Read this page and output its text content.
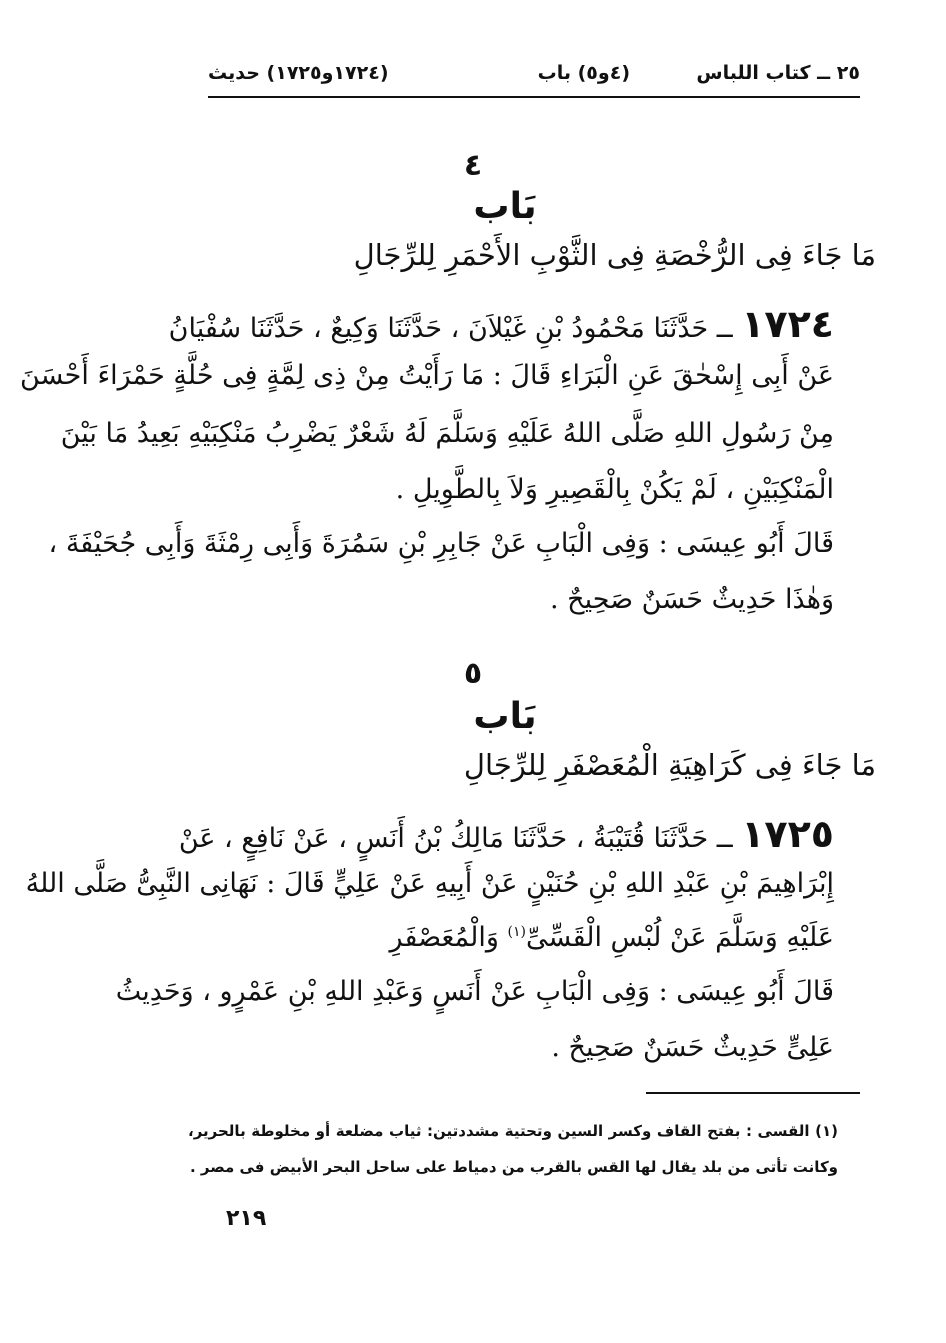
٢٥ ــ كتاب اللباس
(٤و٥) باب
(١٧٢٤و١٧٢٥) حديث
٤
بَاب
مَا جَاءَ فِى الرُّخْصَةِ فِى الثَّوْبِ الأَحْمَرِ لِلرِّجَالِ
١٧٢٤ ــ حَدَّثَنَا مَحْمُودُ بْنِ غَيْلاَنَ ، حَدَّثَنَا وَكِيعٌ ، حَدَّثَنَا سُفْيَانُ
عَنْ أَبِى إِسْحٰقَ عَنِ الْبَرَاءِ قَالَ : مَا رَأَيْتُ مِنْ ذِى لِمَّةٍ فِى حُلَّةٍ حَمْرَاءَ أَحْسَنَ
مِنْ رَسُولِ اللهِ صَلَّى اللهُ عَلَيْهِ وَسَلَّمَ لَهُ شَعْرٌ يَضْرِبُ مَنْكِبَيْهِ بَعِيدُ مَا بَيْنَ
الْمَنْكِبَيْنِ ، لَمْ يَكُنْ بِالْقَصِيرِ وَلاَ بِالطَّوِيلِ .
قَالَ أَبُو عِيسَى : وَفِى الْبَابِ عَنْ جَابِرِ بْنِ سَمُرَةَ وَأَبِى رِمْثَةَ وَأَبِى جُحَيْفَةَ ،
وَهٰذَا حَدِيثٌ حَسَنٌ صَحِيحٌ .
٥
بَاب
مَا جَاءَ فِى كَرَاهِيَةِ الْمُعَصْفَرِ لِلرِّجَالِ
١٧٢٥ ــ حَدَّثَنَا قُتَيْبَةُ ، حَدَّثَنَا مَالِكُ بْنُ أَنَسٍ ، عَنْ نَافِعٍ ، عَنْ
إِبْرَاهِيمَ بْنِ عَبْدِ اللهِ بْنِ حُنَيْنٍ عَنْ أَبِيهِ عَنْ عَلِيٍّ قَالَ : نَهَانِى النَّبِىُّ صَلَّى اللهُ
عَلَيْهِ وَسَلَّمَ عَنْ لُبْسِ الْقَسِّىِّ$^{(١)}$ وَالْمُعَصْفَرِ
قَالَ أَبُو عِيسَى : وَفِى الْبَابِ عَنْ أَنَسٍ وَعَبْدِ اللهِ بْنِ عَمْرٍو ، وَحَدِيثُ
عَلِىٍّ حَدِيثٌ حَسَنٌ صَحِيحٌ .
(١) القسى : بفتح القاف وكسر السين وتحتية مشددتين: ثياب مضلعة أو مخلوطة بالحرير،
وكانت تأتى من بلد يقال لها القس بالقرب من دمياط على ساحل البحر الأبيض فى مصر .
٢١٩
